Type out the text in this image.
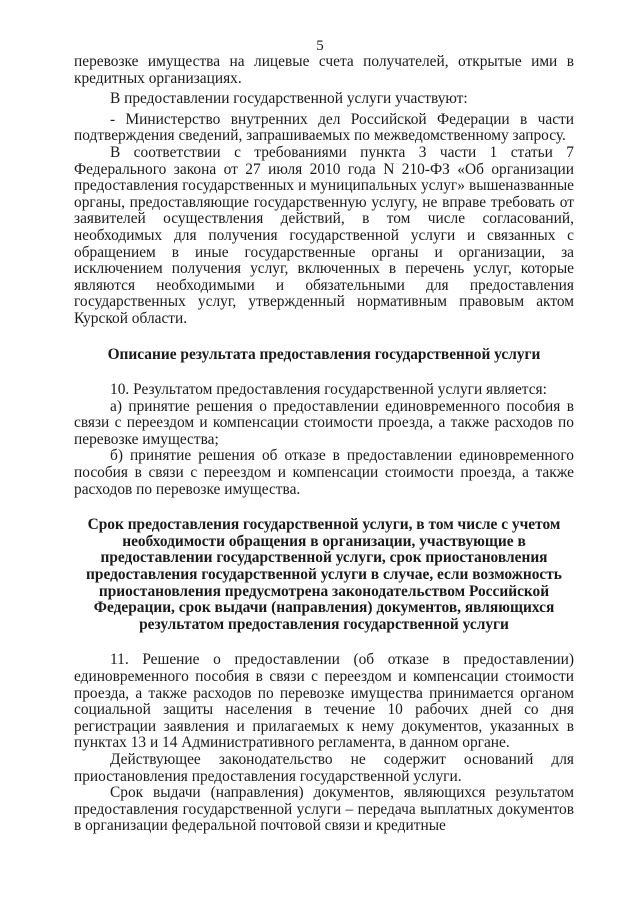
5

перевозке имущества на лицевые счета получателей, открытые ими в кредитных организациях.

В предоставлении государственной услуги участвуют:

- Министерство внутренних дел Российской Федерации в части подтверждения сведений, запрашиваемых по межведомственному запросу.

В соответствии с требованиями пункта 3 части 1 статьи 7 Федерального закона от 27 июля 2010 года N 210-ФЗ «Об организации предоставления государственных и муниципальных услуг» вышеназванные органы, предоставляющие государственную услугу, не вправе требовать от заявителей осуществления действий, в том числе согласований, необходимых для получения государственной услуги и связанных с обращением в иные государственные органы и организации, за исключением получения услуг, включенных в перечень услуг, которые являются необходимыми и обязательными для предоставления государственных услуг, утвержденный нормативным правовым актом Курской области.

Описание результата предоставления государственной услуги

10. Результатом предоставления государственной услуги является:

а) принятие решения о предоставлении единовременного пособия в связи с переездом и компенсации стоимости проезда, а также расходов по перевозке имущества;

б) принятие решения об отказе в предоставлении единовременного пособия в связи с переездом и компенсации стоимости проезда, а также расходов по перевозке имущества.

Срок предоставления государственной услуги, в том числе с учетом необходимости обращения в организации, участвующие в предоставлении государственной услуги, срок приостановления предоставления государственной услуги в случае, если возможность приостановления предусмотрена законодательством Российской Федерации, срок выдачи (направления) документов, являющихся результатом предоставления государственной услуги

11. Решение о предоставлении (об отказе в предоставлении) единовременного пособия в связи с переездом и компенсации стоимости проезда, а также расходов по перевозке имущества принимается органом социальной защиты населения в течение 10 рабочих дней со дня регистрации заявления и прилагаемых к нему документов, указанных в пунктах 13 и 14 Административного регламента, в данном органе.

Действующее законодательство не содержит оснований для приостановления предоставления государственной услуги.

Срок выдачи (направления) документов, являющихся результатом предоставления государственной услуги – передача выплатных документов в организации федеральной почтовой связи и кредитные
